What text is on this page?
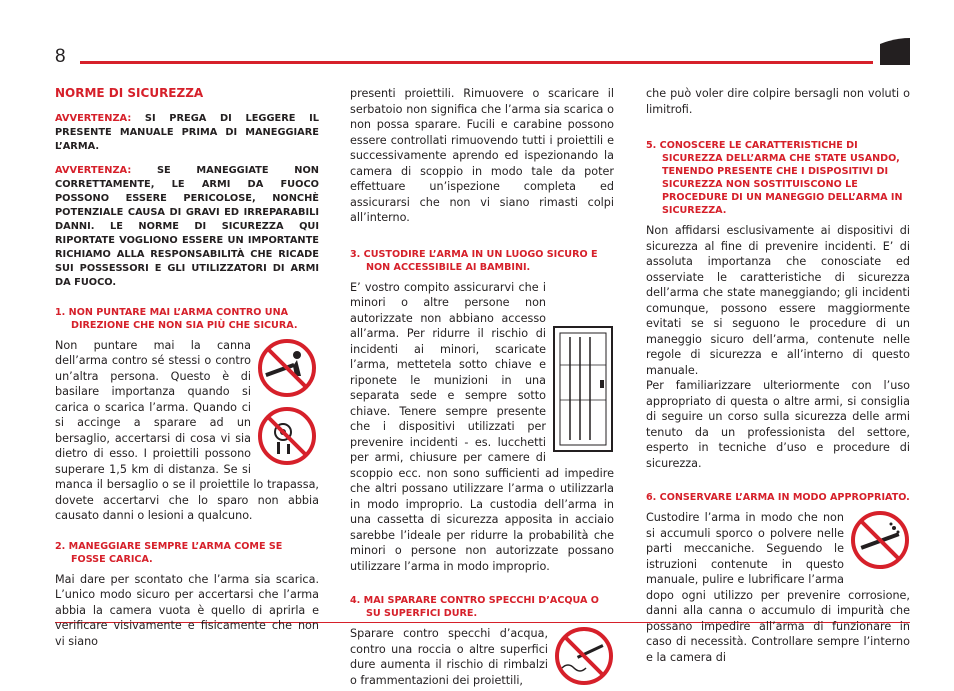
8
NORME DI SICUREZZA
AVVERTENZA: SI PREGA DI LEGGERE IL PRESENTE MANUALE PRIMA DI MANEGGIARE L’ARMA.
AVVERTENZA: SE MANEGGIATE NON CORRETTAMENTE, LE ARMI DA FUOCO POSSONO ESSERE PERICOLOSE, NONCHÈ POTENZIALE CAUSA DI GRAVI ED IRREPARABILI DANNI. LE NORME DI SICUREZZA QUI RIPORTATE VOGLIONO ESSERE UN IMPORTANTE RICHIAMO ALLA RESPONSABILITÀ CHE RICADE SUI POSSESSORI E GLI UTILIZZATORI DI ARMI DA FUOCO.
1. NON PUNTARE MAI L’ARMA CONTRO UNA DIREZIONE CHE NON SIA PIÙ CHE SICURA.

Non puntare mai la canna dell’arma contro sé stessi o contro un’altra persona. Questo è di basilare importanza quando si carica o scarica l’arma. Quando ci si accinge a sparare ad un bersaglio, accertarsi di cosa vi sia dietro di esso. I proiettili possono superare 1,5 km di distanza. Se si manca il bersaglio o se il proiettile lo trapassa, dovete accertarvi che lo sparo non abbia causato danni o lesioni a qualcuno.

2. MANEGGIARE SEMPRE L’ARMA COME SE FOSSE CARICA.

Mai dare per scontato che l’arma sia scarica. L’unico modo sicuro per accertarsi che l’arma abbia la camera vuota è quello di aprirla e verificare visivamente e fisicamente che non vi siano

presenti proiettili. Rimuovere o scaricare il serbatoio non significa che l’arma sia scarica o non possa sparare. Fucili e carabine possono essere controllati rimuovendo tutti i proiettili e successivamente aprendo ed ispezionando la camera di scoppio in modo tale da poter effettuare un’ispezione completa ed assicurarsi che non vi siano rimasti colpi all’interno.

3. CUSTODIRE L’ARMA IN UN LUOGO SICURO E NON ACCESSIBILE AI BAMBINI.

E’ vostro compito assicurarvi che i minori o altre persone non autorizzate non abbiano accesso all’arma. Per ridurre il rischio di incidenti ai minori, scaricate l’arma, mettetela sotto chiave e riponete le munizioni in una separata sede e sempre sotto chiave. Tenere sempre presente che i dispositivi utilizzati per prevenire incidenti - es. lucchetti per armi, chiusure per camere di scoppio ecc. non sono sufficienti ad impedire che altri possano utilizzare l’arma o utilizzarla in modo improprio. La custodia dell’arma in una cassetta di sicurezza apposita in acciaio sarebbe l’ideale per ridurre la probabilità che minori o persone non autorizzate possano utilizzare l’arma in modo improprio.

4. MAI SPARARE CONTRO SPECCHI D’ACQUA O SU SUPERFICI DURE.

Sparare contro specchi d’acqua, contro una roccia o altre superfici dure aumenta il rischio di rimbalzi o frammentazioni dei proiettili,

che può voler dire colpire bersagli non voluti o limitrofi.

5. CONOSCERE LE CARATTERISTICHE DI SICUREZZA DELL’ARMA CHE STATE USANDO, TENENDO PRESENTE CHE I DISPOSITIVI DI SICUREZZA NON SOSTITUISCONO LE PROCEDURE DI UN MANEGGIO DELL’ARMA IN SICUREZZA.

Non affidarsi esclusivamente ai dispositivi di sicurezza al fine di prevenire incidenti. E’ di assoluta importanza che conosciate ed osserviate le caratteristiche di sicurezza dell’arma che state maneggiando; gli incidenti comunque, possono essere maggiormente evitati se si seguono le procedure di un maneggio sicuro dell’arma, contenute nelle regole di sicurezza e all’interno di questo manuale.

Per familiarizzare ulteriormente con l’uso appropriato di questa o altre armi, si consiglia di seguire un corso sulla sicurezza delle armi tenuto da un professionista del settore, esperto in tecniche d’uso e procedure di sicurezza.

6. CONSERVARE L’ARMA IN MODO APPROPRIATO.

Custodire l’arma in modo che non si accumuli sporco o polvere nelle parti meccaniche. Seguendo le istruzioni contenute in questo manuale, pulire e lubrificare l’arma dopo ogni utilizzo per prevenire corrosione, danni alla canna o accumulo di impurità che possano impedire all’arma di funzionare in caso di necessità. Controllare sempre l’interno e la camera di
